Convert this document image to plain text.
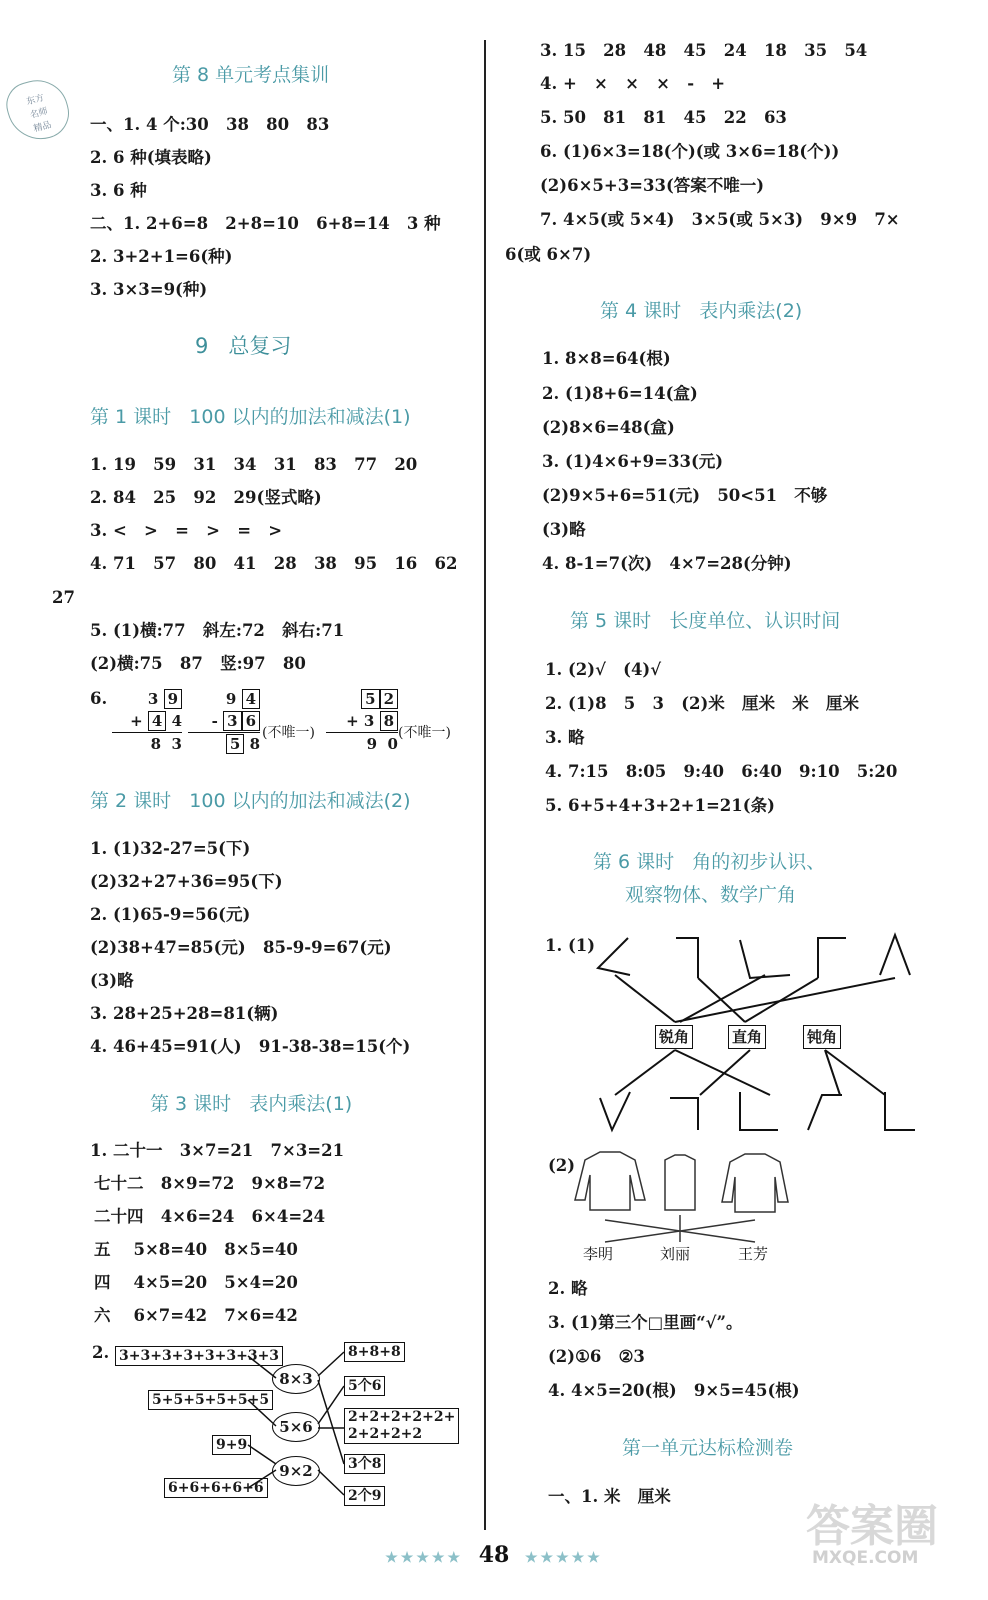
东方
名师
精品
第 8 单元考点集训
一、1. 4 个:30   38   80   83
2. 6 种(填表略)
3. 6 种
二、1. 2+6=8   2+8=10   6+8=14   3 种
2. 3+2+1=6(种)
3. 3×3=9(种)
9   总复习
第 1 课时   100 以内的加法和减法(1)
1. 19   59   31   34   31   83   77   20
2. 84   25   92   29(竖式略)
3. <   >   =   >   =   >
4. 71   57   80   41   28   38   95   16   62
27
5. (1)横:77   斜左:72   斜右:71
(2)横:75   87   竖:97   80
6.	3 9
+ 4 4
8  3
9 4
- 3 6
5 8
(不唯一)
5 2
+ 3 8
9  0
(不唯一)
第 2 课时   100 以内的加法和减法(2)
1. (1)32-27=5(下)
(2)32+27+36=95(下)
2. (1)65-9=56(元)
(2)38+47=85(元)   85-9-9=67(元)
(3)略
3. 28+25+28=81(辆)
4. 46+45=91(人)   91-38-38=15(个)
第 3 课时   表内乘法(1)
1. 二十一   3×7=21   7×3=21
七十二   8×9=72   9×8=72
二十四   4×6=24   6×4=24
五    5×8=40   8×5=40
四    4×5=20   5×4=20
六    6×7=42   7×6=42
2. 3+3+3+3+3+3+3+3
5+5+5+5+5+5
9+9
6+6+6+6+6
8×3
5×6
9×2
8+8+8
5个6
2+2+2+2+2+
2+2+2+2
3个8
2个9
3. 15   28   48   45   24   18   35   54
4. +   ×   ×   ×   -   +
5. 50   81   81   45   22   63
6. (1)6×3=18(个)(或 3×6=18(个))
(2)6×5+3=33(答案不唯一)
7. 4×5(或 5×4)   3×5(或 5×3)   9×9   7×
6(或 6×7)
第 4 课时   表内乘法(2)
1. 8×8=64(根)
2. (1)8+6=14(盒)
(2)8×6=48(盒)
3. (1)4×6+9=33(元)
(2)9×5+6=51(元)   50<51   不够
(3)略
4. 8-1=7(次)   4×7=28(分钟)
第 5 课时   长度单位、认识时间
1. (2)√   (4)√
2. (1)8   5   3   (2)米   厘米   米   厘米
3. 略
4. 7:15   8:05   9:40   6:40   9:10   5:20
5. 6+5+4+3+2+1=21(条)
第 6 课时   角的初步认识、
观察物体、数学广角
1. (1)
锐角	直角	钝角
(2)
李明	刘丽	王芳
2. 略
3. (1)第三个□里画“√”。
(2)①6   ②3
4. 4×5=20(根)   9×5=45(根)
第一单元达标检测卷
一、1. 米   厘米
★★★★★ 48 ★★★★★
答案圈
MXQE.COM
